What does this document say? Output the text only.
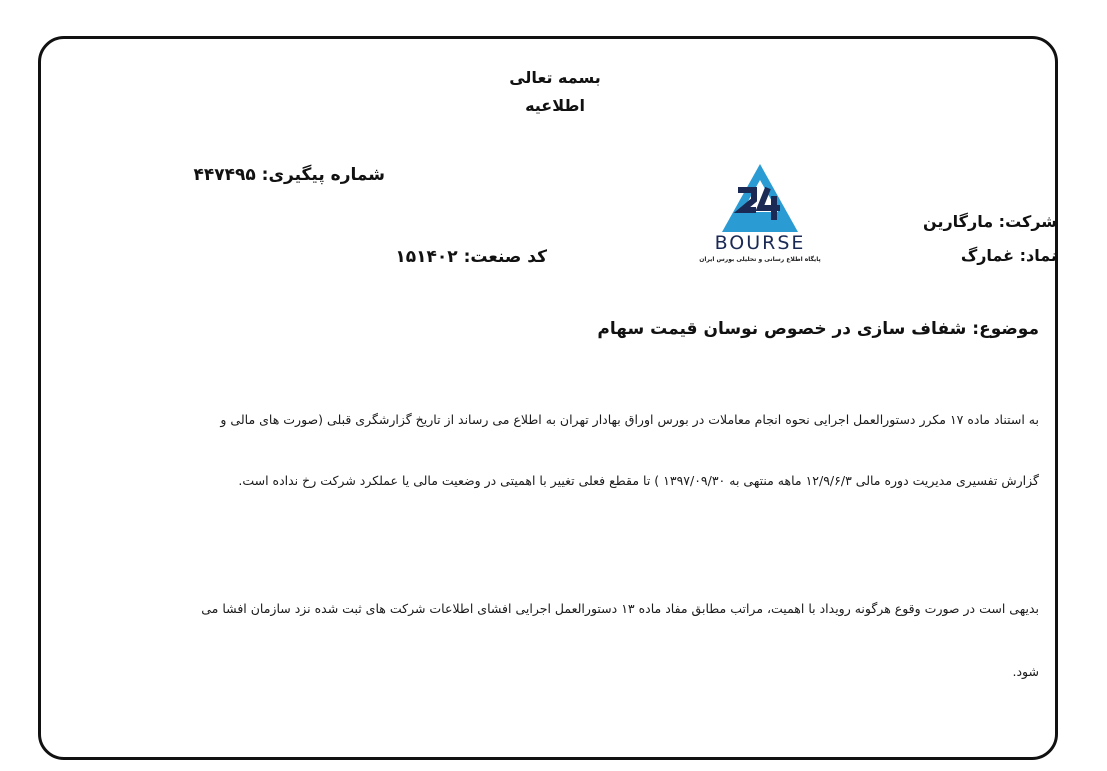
بسمه تعالی
اطلاعیه
شماره پیگیری: ۴۴۷۴۹۵
شرکت: مارگارین
نماد: غمارگ
کد صنعت: ۱۵۱۴۰۲
BOURSE
پایگاه اطلاع رسانی و تحلیلی بورس ایران
موضوع: شفاف سازی در خصوص نوسان قیمت سهام
به استناد ماده ۱۷ مکرر دستورالعمل اجرایی نحوه انجام معاملات در بورس اوراق بهادار تهران به اطلاع می رساند از تاریخ گزارشگری قبلی (صورت های مالی و
گزارش تفسیری مدیریت دوره مالی ۱۲/۹/۶/۳ ماهه منتهی به ۱۳۹۷/۰۹/۳۰ ) تا مقطع فعلی تغییر با اهمیتی در وضعیت مالی یا عملکرد شرکت رخ نداده است.
بدیهی است در صورت وقوع هرگونه رویداد با اهمیت، مراتب مطابق مفاد ماده ۱۳ دستورالعمل اجرایی افشای اطلاعات شرکت های ثبت شده نزد سازمان افشا می
شود.
